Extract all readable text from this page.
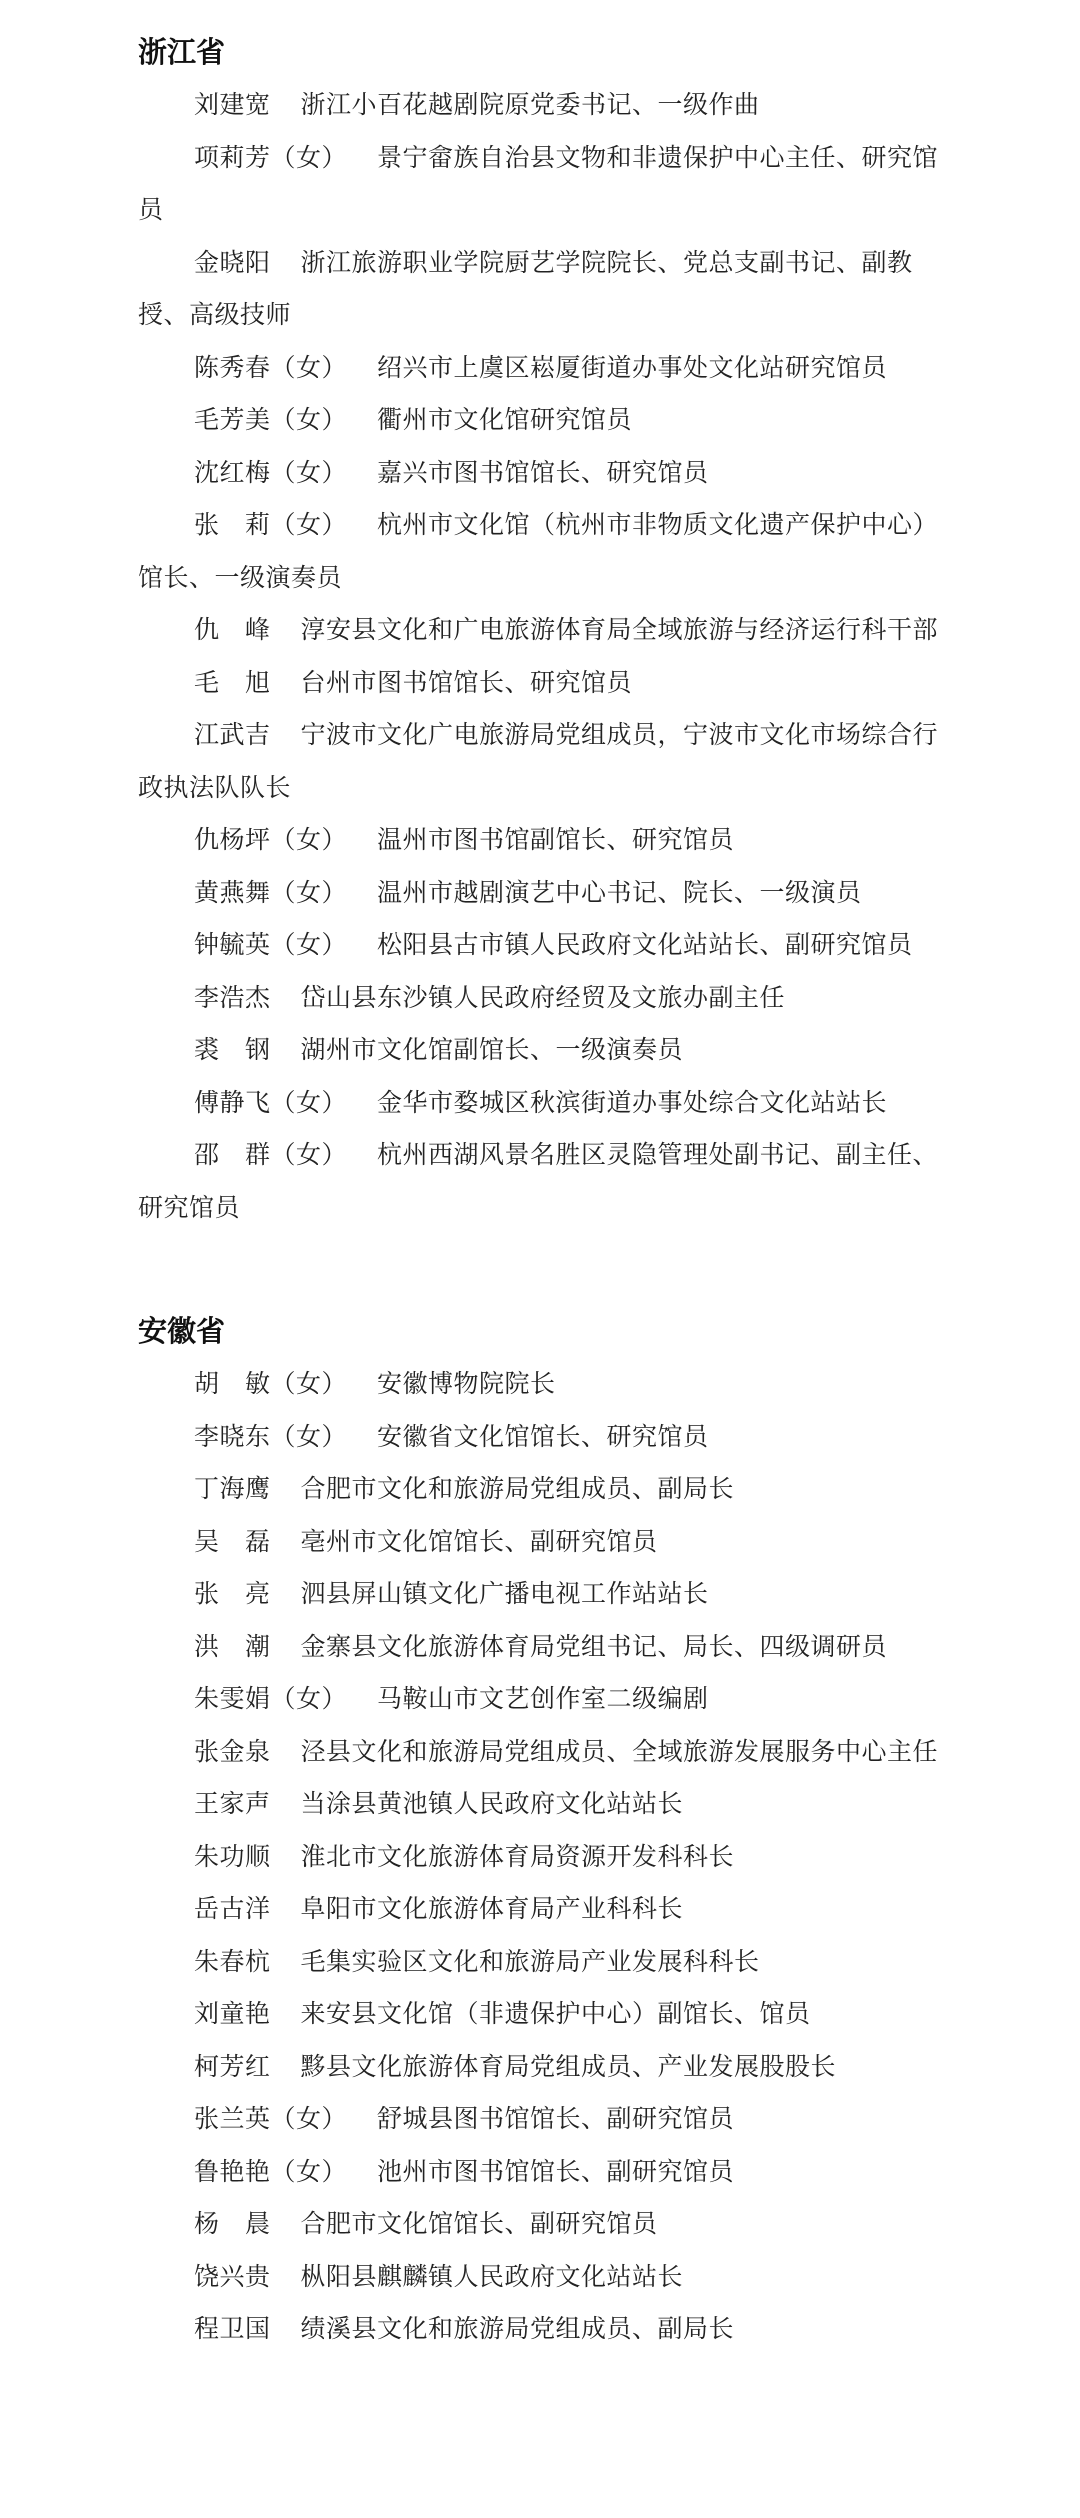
浙江省

刘建宽 浙江小百花越剧院原党委书记、一级作曲

项莉芳（女） 景宁畲族自治县文物和非遗保护中心主任、研究馆员

金晓阳 浙江旅游职业学院厨艺学院院长、党总支副书记、副教授、高级技师

陈秀春（女） 绍兴市上虞区崧厦街道办事处文化站研究馆员

毛芳美（女） 衢州市文化馆研究馆员

沈红梅（女） 嘉兴市图书馆馆长、研究馆员

张　莉（女） 杭州市文化馆（杭州市非物质文化遗产保护中心）馆长、一级演奏员

仇　峰 淳安县文化和广电旅游体育局全域旅游与经济运行科干部

毛　旭 台州市图书馆馆长、研究馆员

江武吉 宁波市文化广电旅游局党组成员，宁波市文化市场综合行政执法队队长

仇杨坪（女） 温州市图书馆副馆长、研究馆员

黄燕舞（女） 温州市越剧演艺中心书记、院长、一级演员

钟毓英（女） 松阳县古市镇人民政府文化站站长、副研究馆员

李浩杰 岱山县东沙镇人民政府经贸及文旅办副主任

裘　钢 湖州市文化馆副馆长、一级演奏员

傅静飞（女） 金华市婺城区秋滨街道办事处综合文化站站长

邵　群（女） 杭州西湖风景名胜区灵隐管理处副书记、副主任、研究馆员

安徽省

胡　敏（女） 安徽博物院院长

李晓东（女） 安徽省文化馆馆长、研究馆员

丁海鹰 合肥市文化和旅游局党组成员、副局长

吴　磊 亳州市文化馆馆长、副研究馆员

张　亮 泗县屏山镇文化广播电视工作站站长

洪　潮 金寨县文化旅游体育局党组书记、局长、四级调研员

朱雯娟（女） 马鞍山市文艺创作室二级编剧

张金泉 泾县文化和旅游局党组成员、全域旅游发展服务中心主任

王家声 当涂县黄池镇人民政府文化站站长

朱功顺 淮北市文化旅游体育局资源开发科科长

岳古洋 阜阳市文化旅游体育局产业科科长

朱春杭 毛集实验区文化和旅游局产业发展科科长

刘童艳 来安县文化馆（非遗保护中心）副馆长、馆员

柯芳红 黟县文化旅游体育局党组成员、产业发展股股长

张兰英（女） 舒城县图书馆馆长、副研究馆员

鲁艳艳（女） 池州市图书馆馆长、副研究馆员

杨　晨 合肥市文化馆馆长、副研究馆员

饶兴贵 枞阳县麒麟镇人民政府文化站站长

程卫国 绩溪县文化和旅游局党组成员、副局长
